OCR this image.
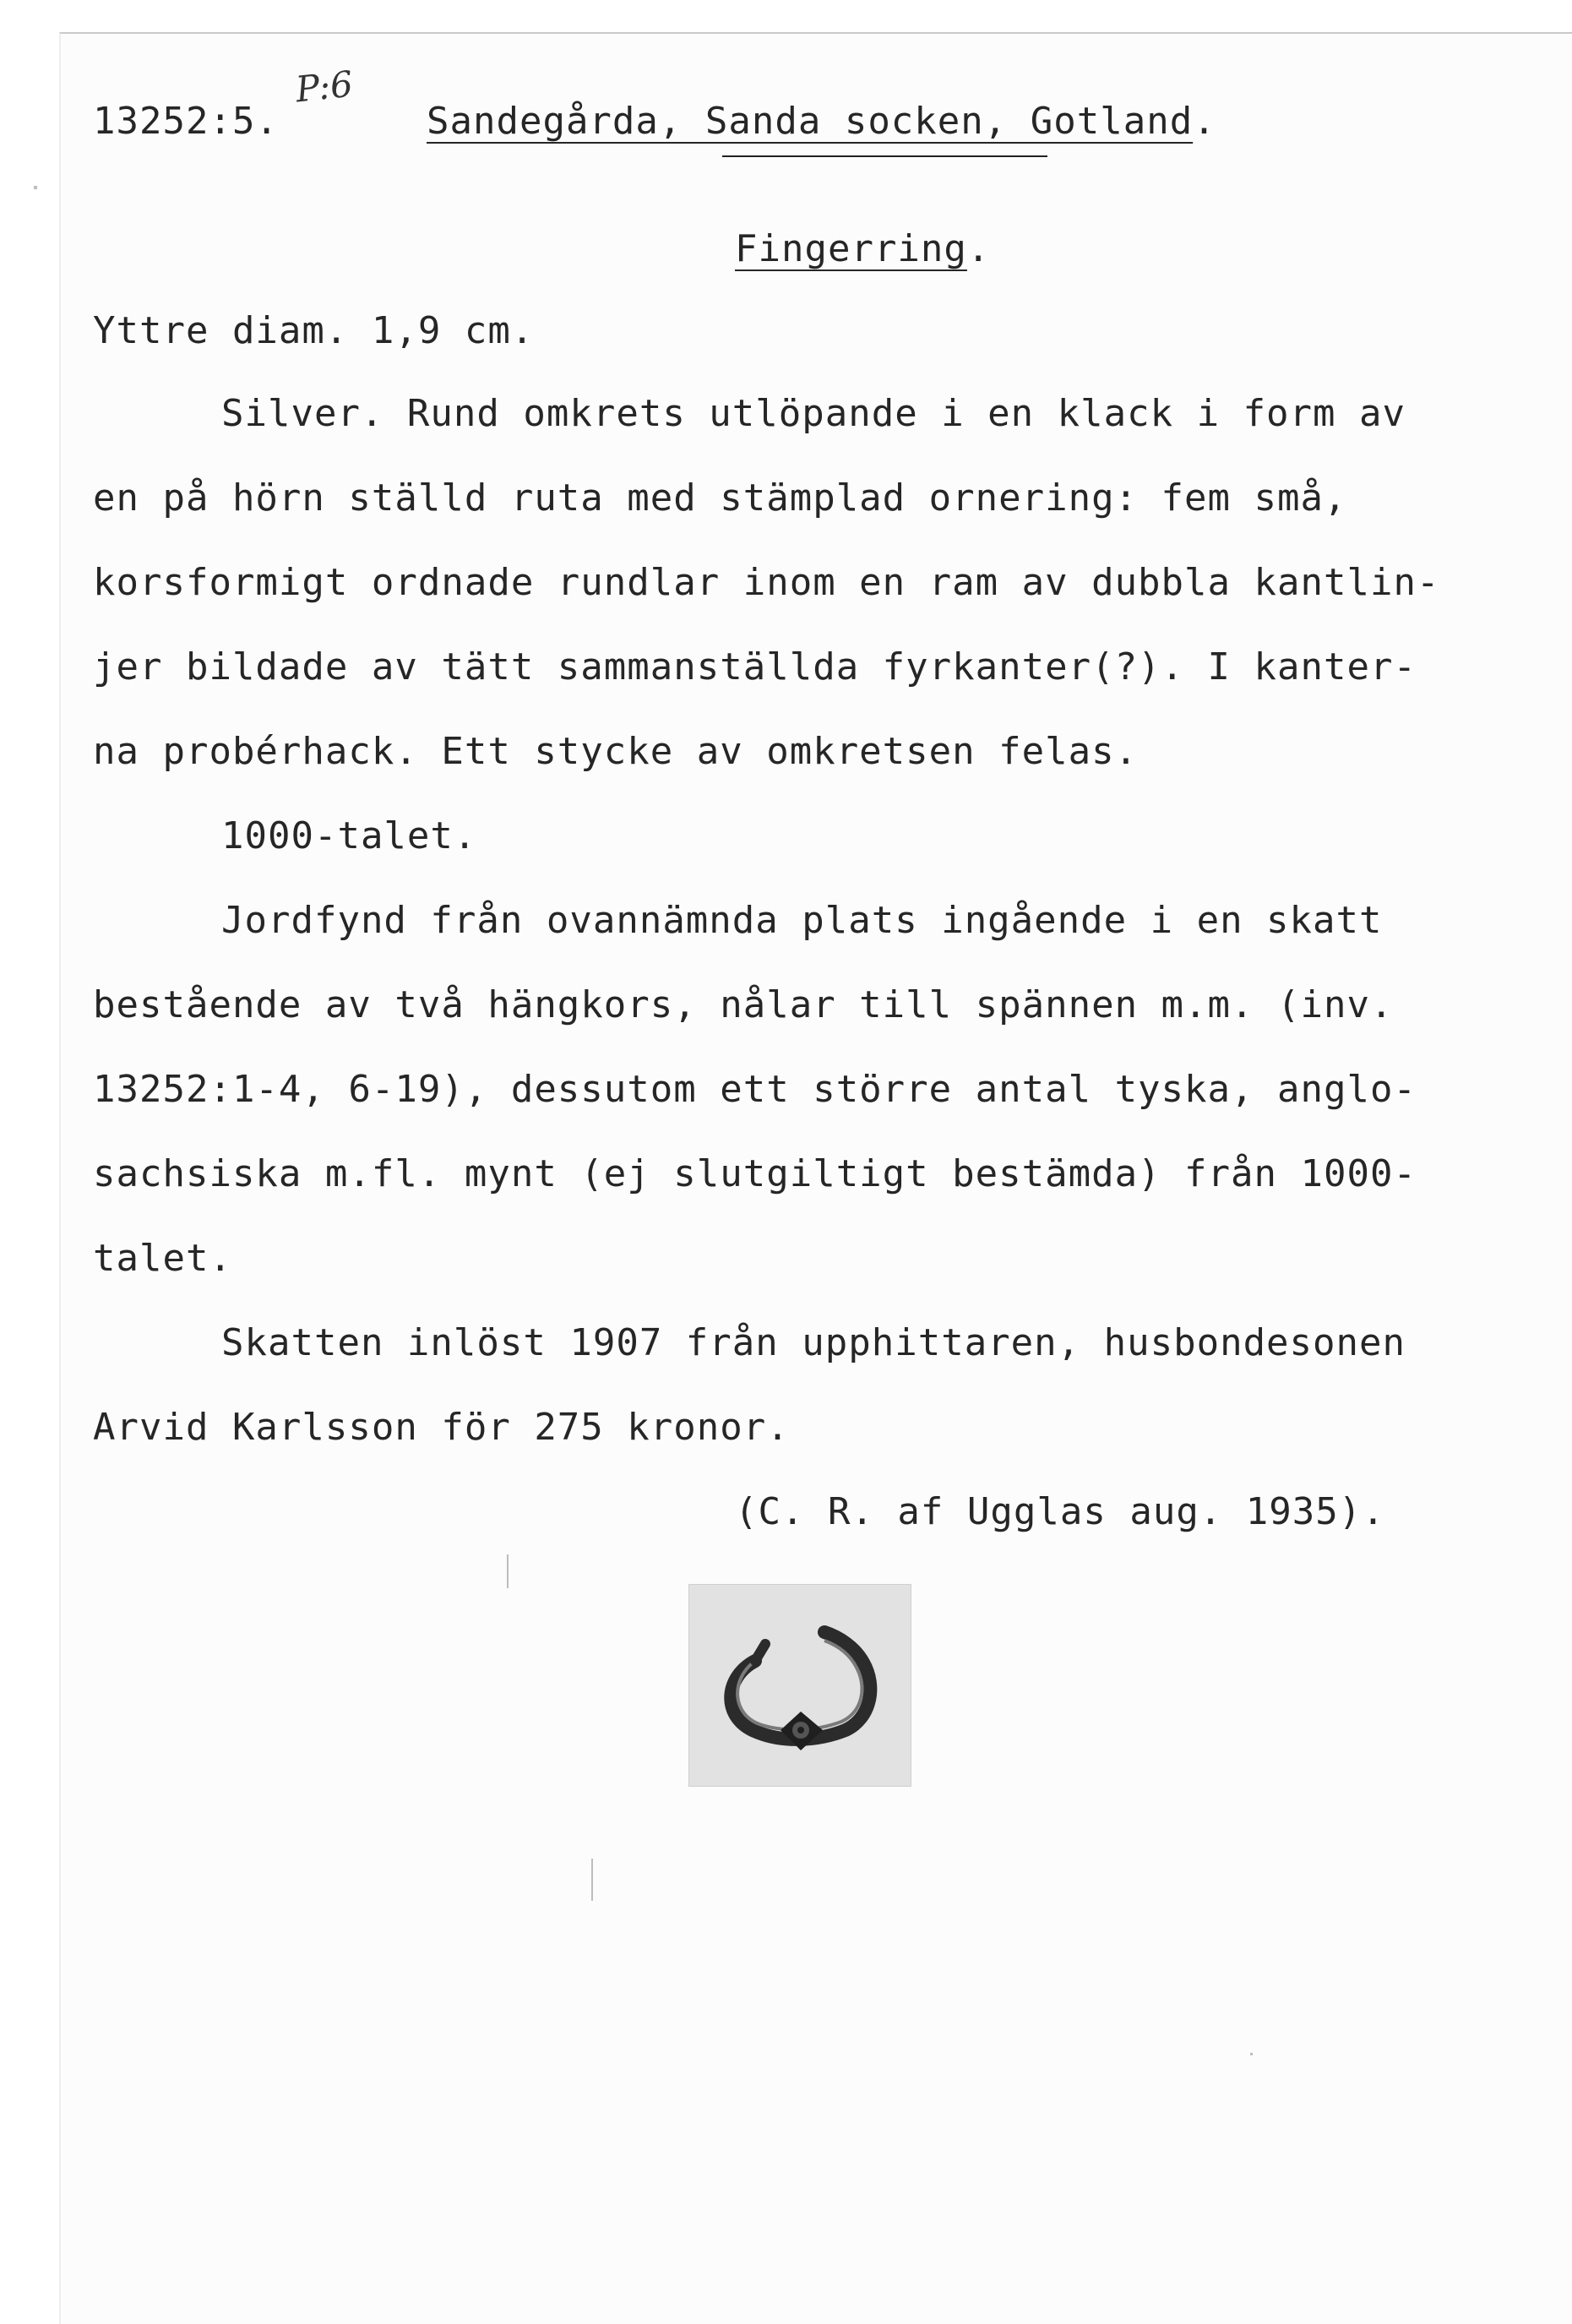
P:6
13252:5.	Sandegårda, Sanda socken, Gotland.
Fingerring.
Yttre diam. 1,9 cm.
Silver. Rund omkrets utlöpande i en klack i form av
en på hörn ställd ruta med stämplad ornering: fem små,
korsformigt ordnade rundlar inom en ram av dubbla kantlin-
jer bildade av tätt sammanställda fyrkanter(?). I kanter-
na probérhack. Ett stycke av omkretsen felas.
1000-talet.
Jordfynd från ovannämnda plats ingående i en skatt
bestående av två hängkors, nålar till spännen m.m. (inv.
13252:1-4, 6-19), dessutom ett större antal tyska, anglo-
sachsiska m.fl. mynt (ej slutgiltigt bestämda) från 1000-
talet.
Skatten inlöst 1907 från upphittaren, husbondesonen
Arvid Karlsson för 275 kronor.
(C. R. af Ugglas aug. 1935).
